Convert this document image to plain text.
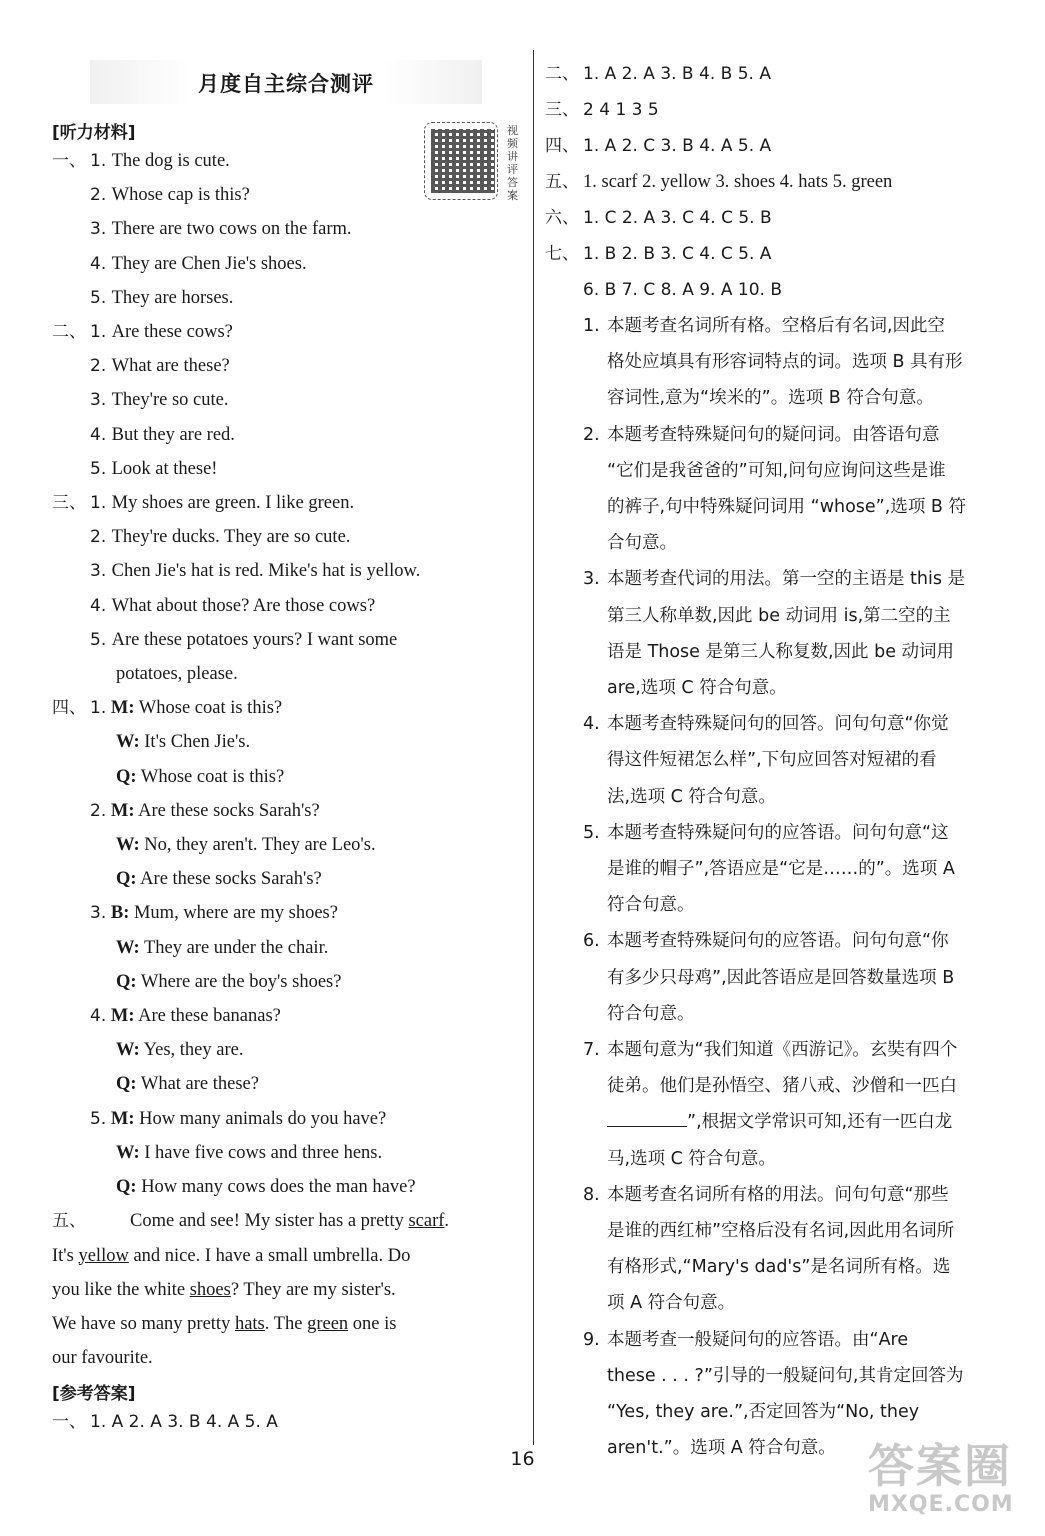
月度自主综合测评
视频讲评答案
[听力材料]
一、 1. The dog is cute.
2. Whose cap is this?
3. There are two cows on the farm.
4. They are Chen Jie's shoes.
5. They are horses.
二、 1. Are these cows?
2. What are these?
3. They're so cute.
4. But they are red.
5. Look at these!
三、 1. My shoes are green. I like green.
2. They're ducks. They are so cute.
3. Chen Jie's hat is red. Mike's hat is yellow.
4. What about those? Are those cows?
5. Are these potatoes yours? I want some
potatoes, please.
四、 1. M: Whose coat is this?
W: It's Chen Jie's.
Q: Whose coat is this?
2. M: Are these socks Sarah's?
W: No, they aren't. They are Leo's.
Q: Are these socks Sarah's?
3. B: Mum, where are my shoes?
W: They are under the chair.
Q: Where are the boy's shoes?
4. M: Are these bananas?
W: Yes, they are.
Q: What are these?
5. M: How many animals do you have?
W: I have five cows and three hens.
Q: How many cows does the man have?
五、 Come and see! My sister has a pretty scarf.
It's yellow and nice. I have a small umbrella. Do
you like the white shoes? They are my sister's.
We have so many pretty hats. The green one is
our favourite.
[参考答案]
一、 1. A 2. A 3. B 4. A 5. A
二、 1. A 2. A 3. B 4. B 5. A
三、 2 4 1 3 5
四、 1. A 2. C 3. B 4. A 5. A
五、 1. scarf 2. yellow 3. shoes 4. hats 5. green
六、 1. C 2. A 3. C 4. C 5. B
七、 1. B 2. B 3. C 4. C 5. A
6. B 7. C 8. A 9. A 10. B
1. 本题考查名词所有格。空格后有名词,因此空
格处应填具有形容词特点的词。选项 B 具有形
容词性,意为“埃米的”。选项 B 符合句意。
2. 本题考查特殊疑问句的疑问词。由答语句意
“它们是我爸爸的”可知,问句应询问这些是谁
的裤子,句中特殊疑问词用 “whose”,选项 B 符
合句意。
3. 本题考查代词的用法。第一空的主语是 this 是
第三人称单数,因此 be 动词用 is,第二空的主
语是 Those 是第三人称复数,因此 be 动词用
are,选项 C 符合句意。
4. 本题考查特殊疑问句的回答。问句句意“你觉
得这件短裙怎么样”,下句应回答对短裙的看
法,选项 C 符合句意。
5. 本题考查特殊疑问句的应答语。问句句意“这
是谁的帽子”,答语应是“它是……的”。选项 A
符合句意。
6. 本题考查特殊疑问句的应答语。问句句意“你
有多少只母鸡”,因此答语应是回答数量选项 B
符合句意。
7. 本题句意为“我们知道《西游记》。玄奘有四个
徒弟。他们是孙悟空、猪八戒、沙僧和一匹白
”,根据文学常识可知,还有一匹白龙
马,选项 C 符合句意。
8. 本题考查名词所有格的用法。问句句意“那些
是谁的西红柿”空格后没有名词,因此用名词所
有格形式,“Mary's dad's”是名词所有格。选
项 A 符合句意。
9. 本题考查一般疑问句的应答语。由“Are
these . . . ?”引导的一般疑问句,其肯定回答为
“Yes, they are.”,否定回答为“No, they
aren't.”。选项 A 符合句意。
16	答案圈
MXQE.COM
